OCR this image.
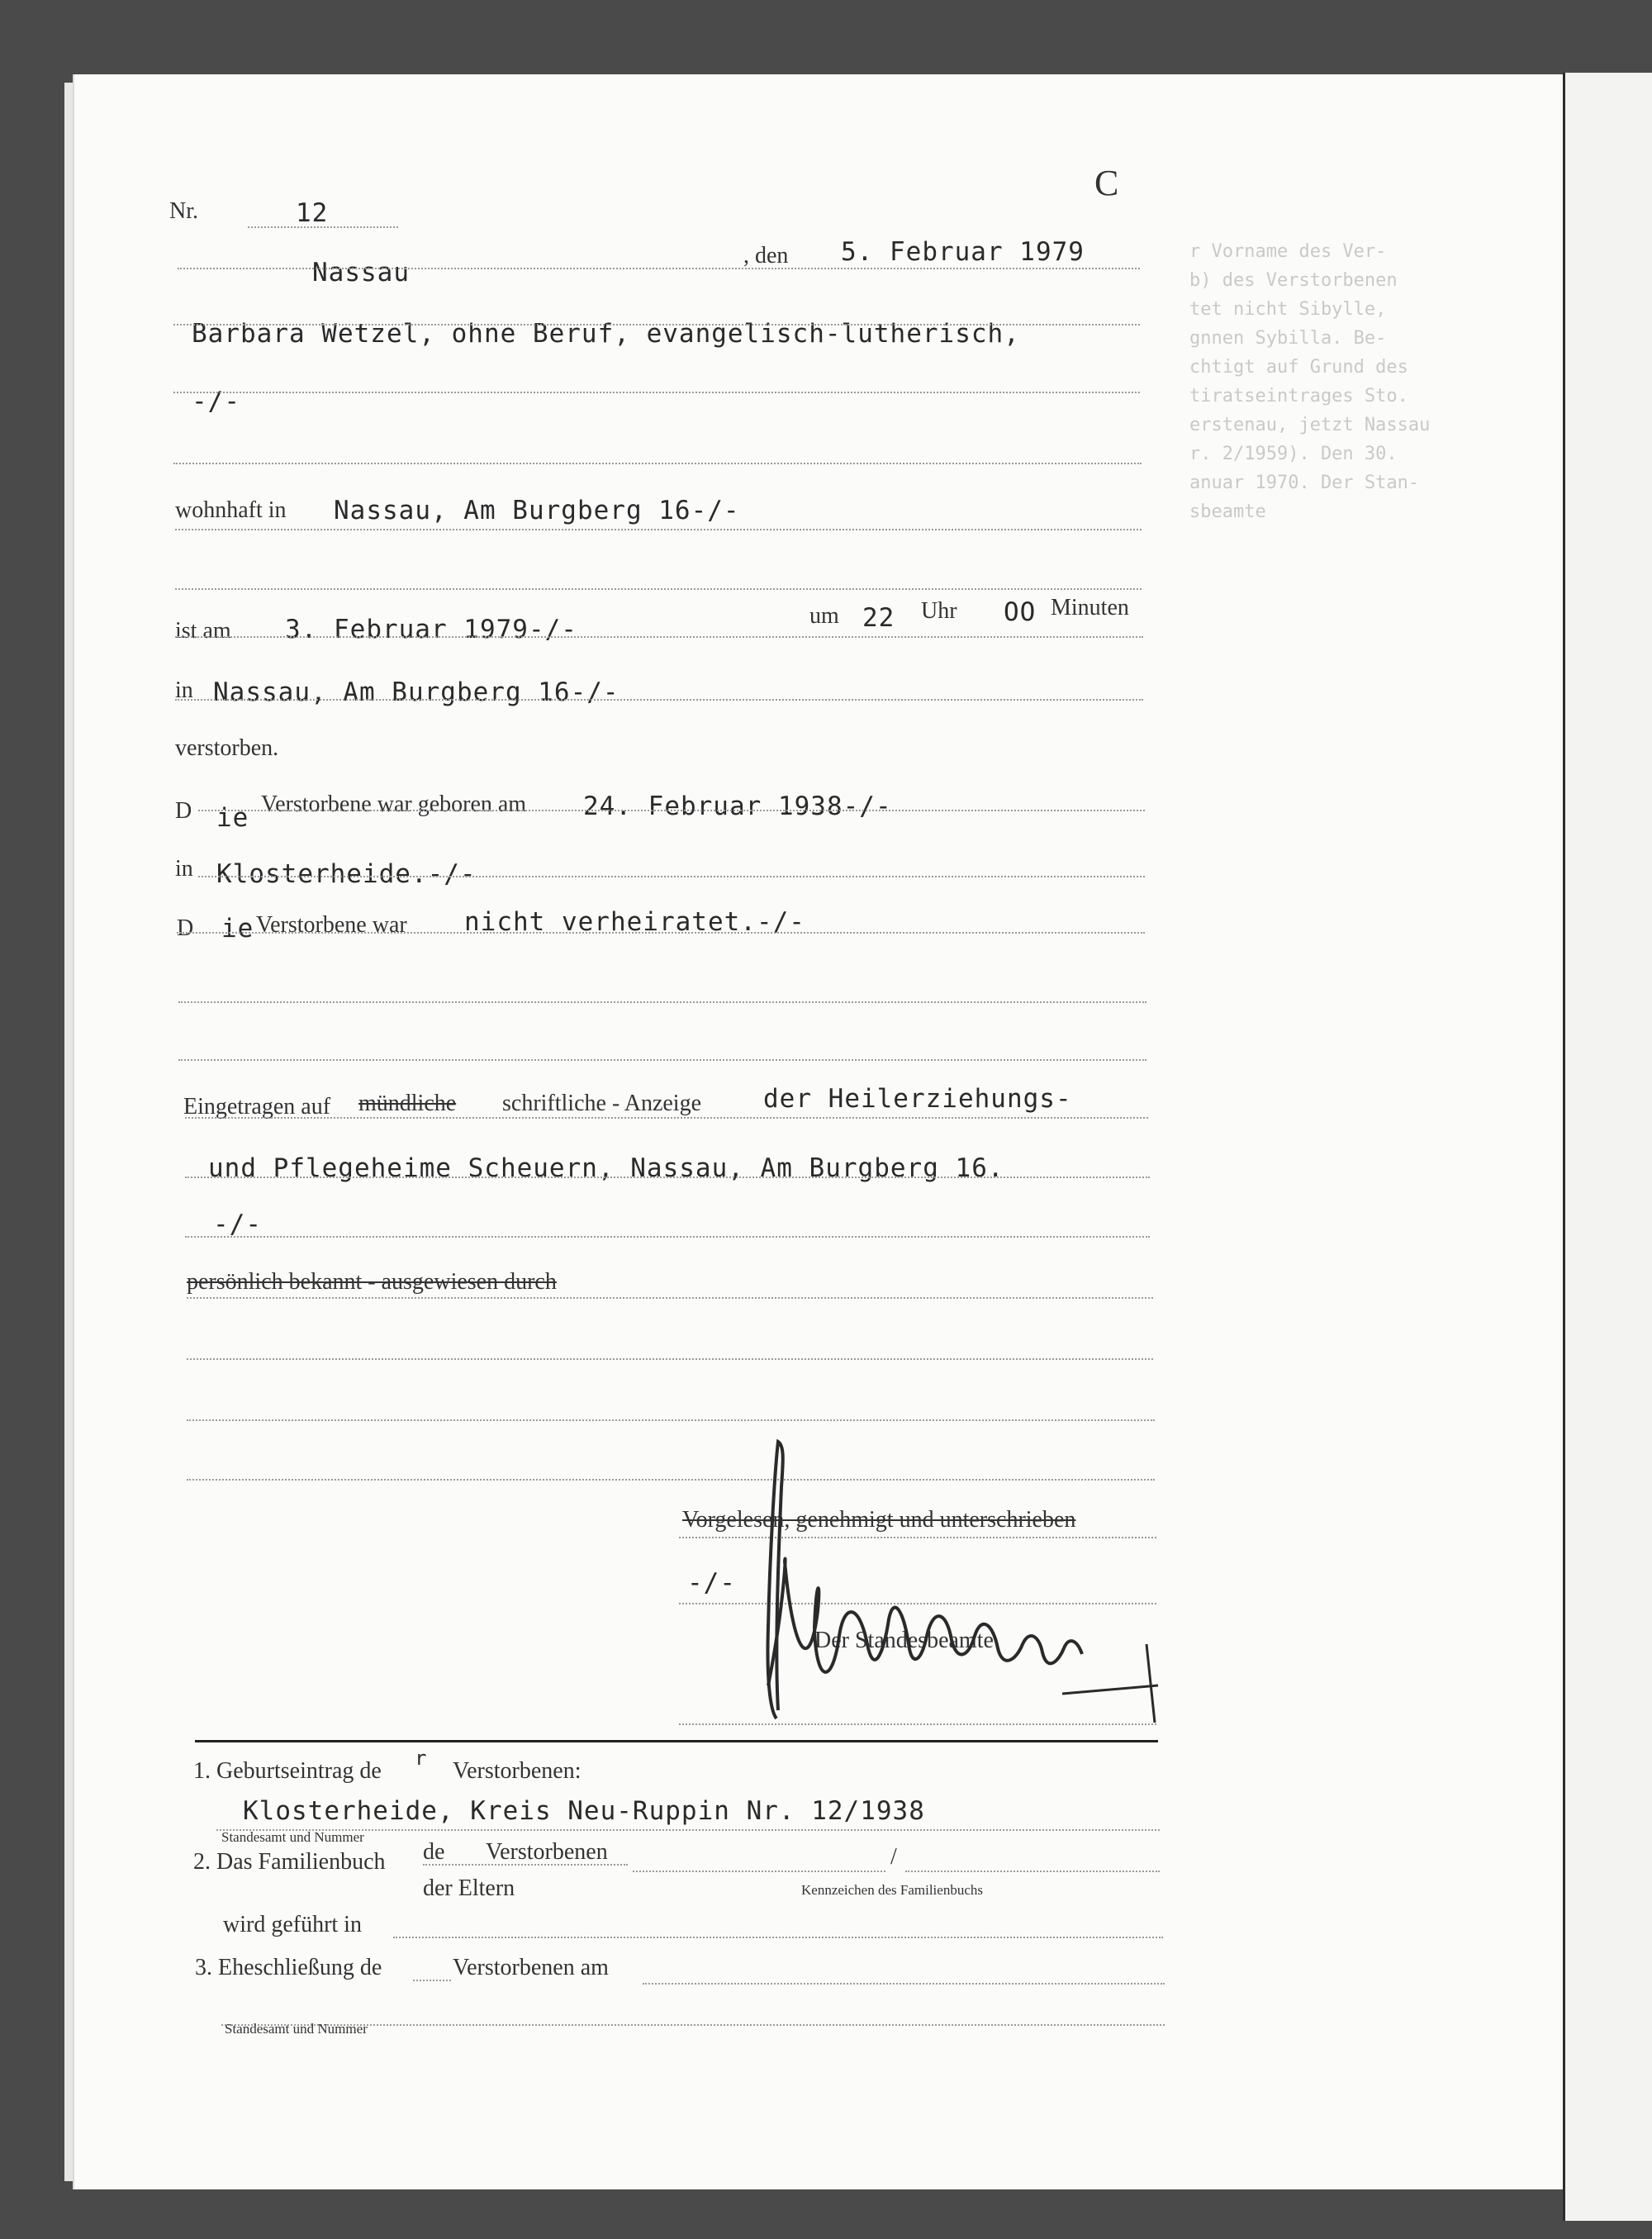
r Vorname des Ver-
b) des Verstorbenen
tet nicht Sibylle,
gnnen Sybilla. Be-
chtigt auf Grund des
tiratseintrages Sto.
erstenau, jetzt Nassau
r. 2/1959). Den 30.
anuar 1970. Der Stan-
sbeamte
C
Nr.	12
Nassau
, den 5. Februar 1979
Barbara Wetzel, ohne Beruf, evangelisch-lutherisch,
-/-
wohnhaft in Nassau, Am Burgberg 16-/-
ist am 3. Februar 1979-/-	um 22 Uhr OO Minuten
in Nassau, Am Burgberg 16-/-
verstorben.
D ie Verstorbene war geboren am 24. Februar 1938-/-
in Klosterheide.-/-
D ie Verstorbene war nicht verheiratet.-/-
Eingetragen auf mündliche schriftliche - Anzeige der Heilerziehungs-
und Pflegeheime Scheuern, Nassau, Am Burgberg 16.
-/-
persönlich bekannt - ausgewiesen durch
Vorgelesen, genehmigt und unterschrieben
-/-
Der Standesbeamte
1. Geburtseintrag de r Verstorbenen:
Klosterheide, Kreis Neu-Ruppin Nr. 12/1938
Standesamt und Nummer
2. Das Familienbuch de Verstorbenen
der Eltern
/
Kennzeichen des Familienbuchs
wird geführt in
3. Eheschließung de	Verstorbenen am
Standesamt und Nummer
